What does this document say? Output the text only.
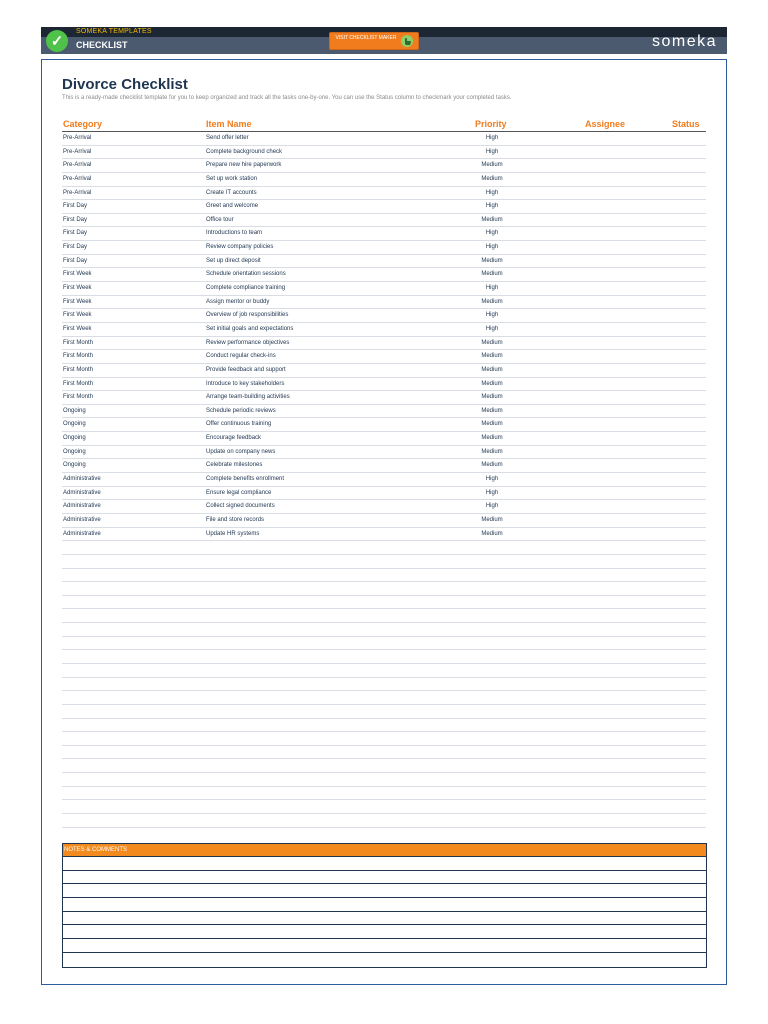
✓
SOMEKA TEMPLATES
CHECKLIST
VISIT CHECKLIST MAKER	someka
Divorce Checklist
This is a ready-made checklist template for you to keep organized and track all the tasks one-by-one. You can use the Status column to checkmark your completed tasks.
Category	Item Name	Priority	Assignee	Status
Pre-Arrival	Send offer letter	High
Pre-Arrival	Complete background check	High
Pre-Arrival	Prepare new hire paperwork	Medium
Pre-Arrival	Set up work station	Medium
Pre-Arrival	Create IT accounts	High
First Day	Greet and welcome	High
First Day	Office tour	Medium
First Day	Introductions to team	High
First Day	Review company policies	High
First Day	Set up direct deposit	Medium
First Week	Schedule orientation sessions	Medium
First Week	Complete compliance training	High
First Week	Assign mentor or buddy	Medium
First Week	Overview of job responsibilities	High
First Week	Set initial goals and expectations	High
First Month	Review performance objectives	Medium
First Month	Conduct regular check-ins	Medium
First Month	Provide feedback and support	Medium
First Month	Introduce to key stakeholders	Medium
First Month	Arrange team-building activities	Medium
Ongoing	Schedule periodic reviews	Medium
Ongoing	Offer continuous training	Medium
Ongoing	Encourage feedback	Medium
Ongoing	Update on company news	Medium
Ongoing	Celebrate milestones	Medium
Administrative	Complete benefits enrollment	High
Administrative	Ensure legal compliance	High
Administrative	Collect signed documents	High
Administrative	File and store records	Medium
Administrative	Update HR systems	Medium
NOTES & COMMENTS
